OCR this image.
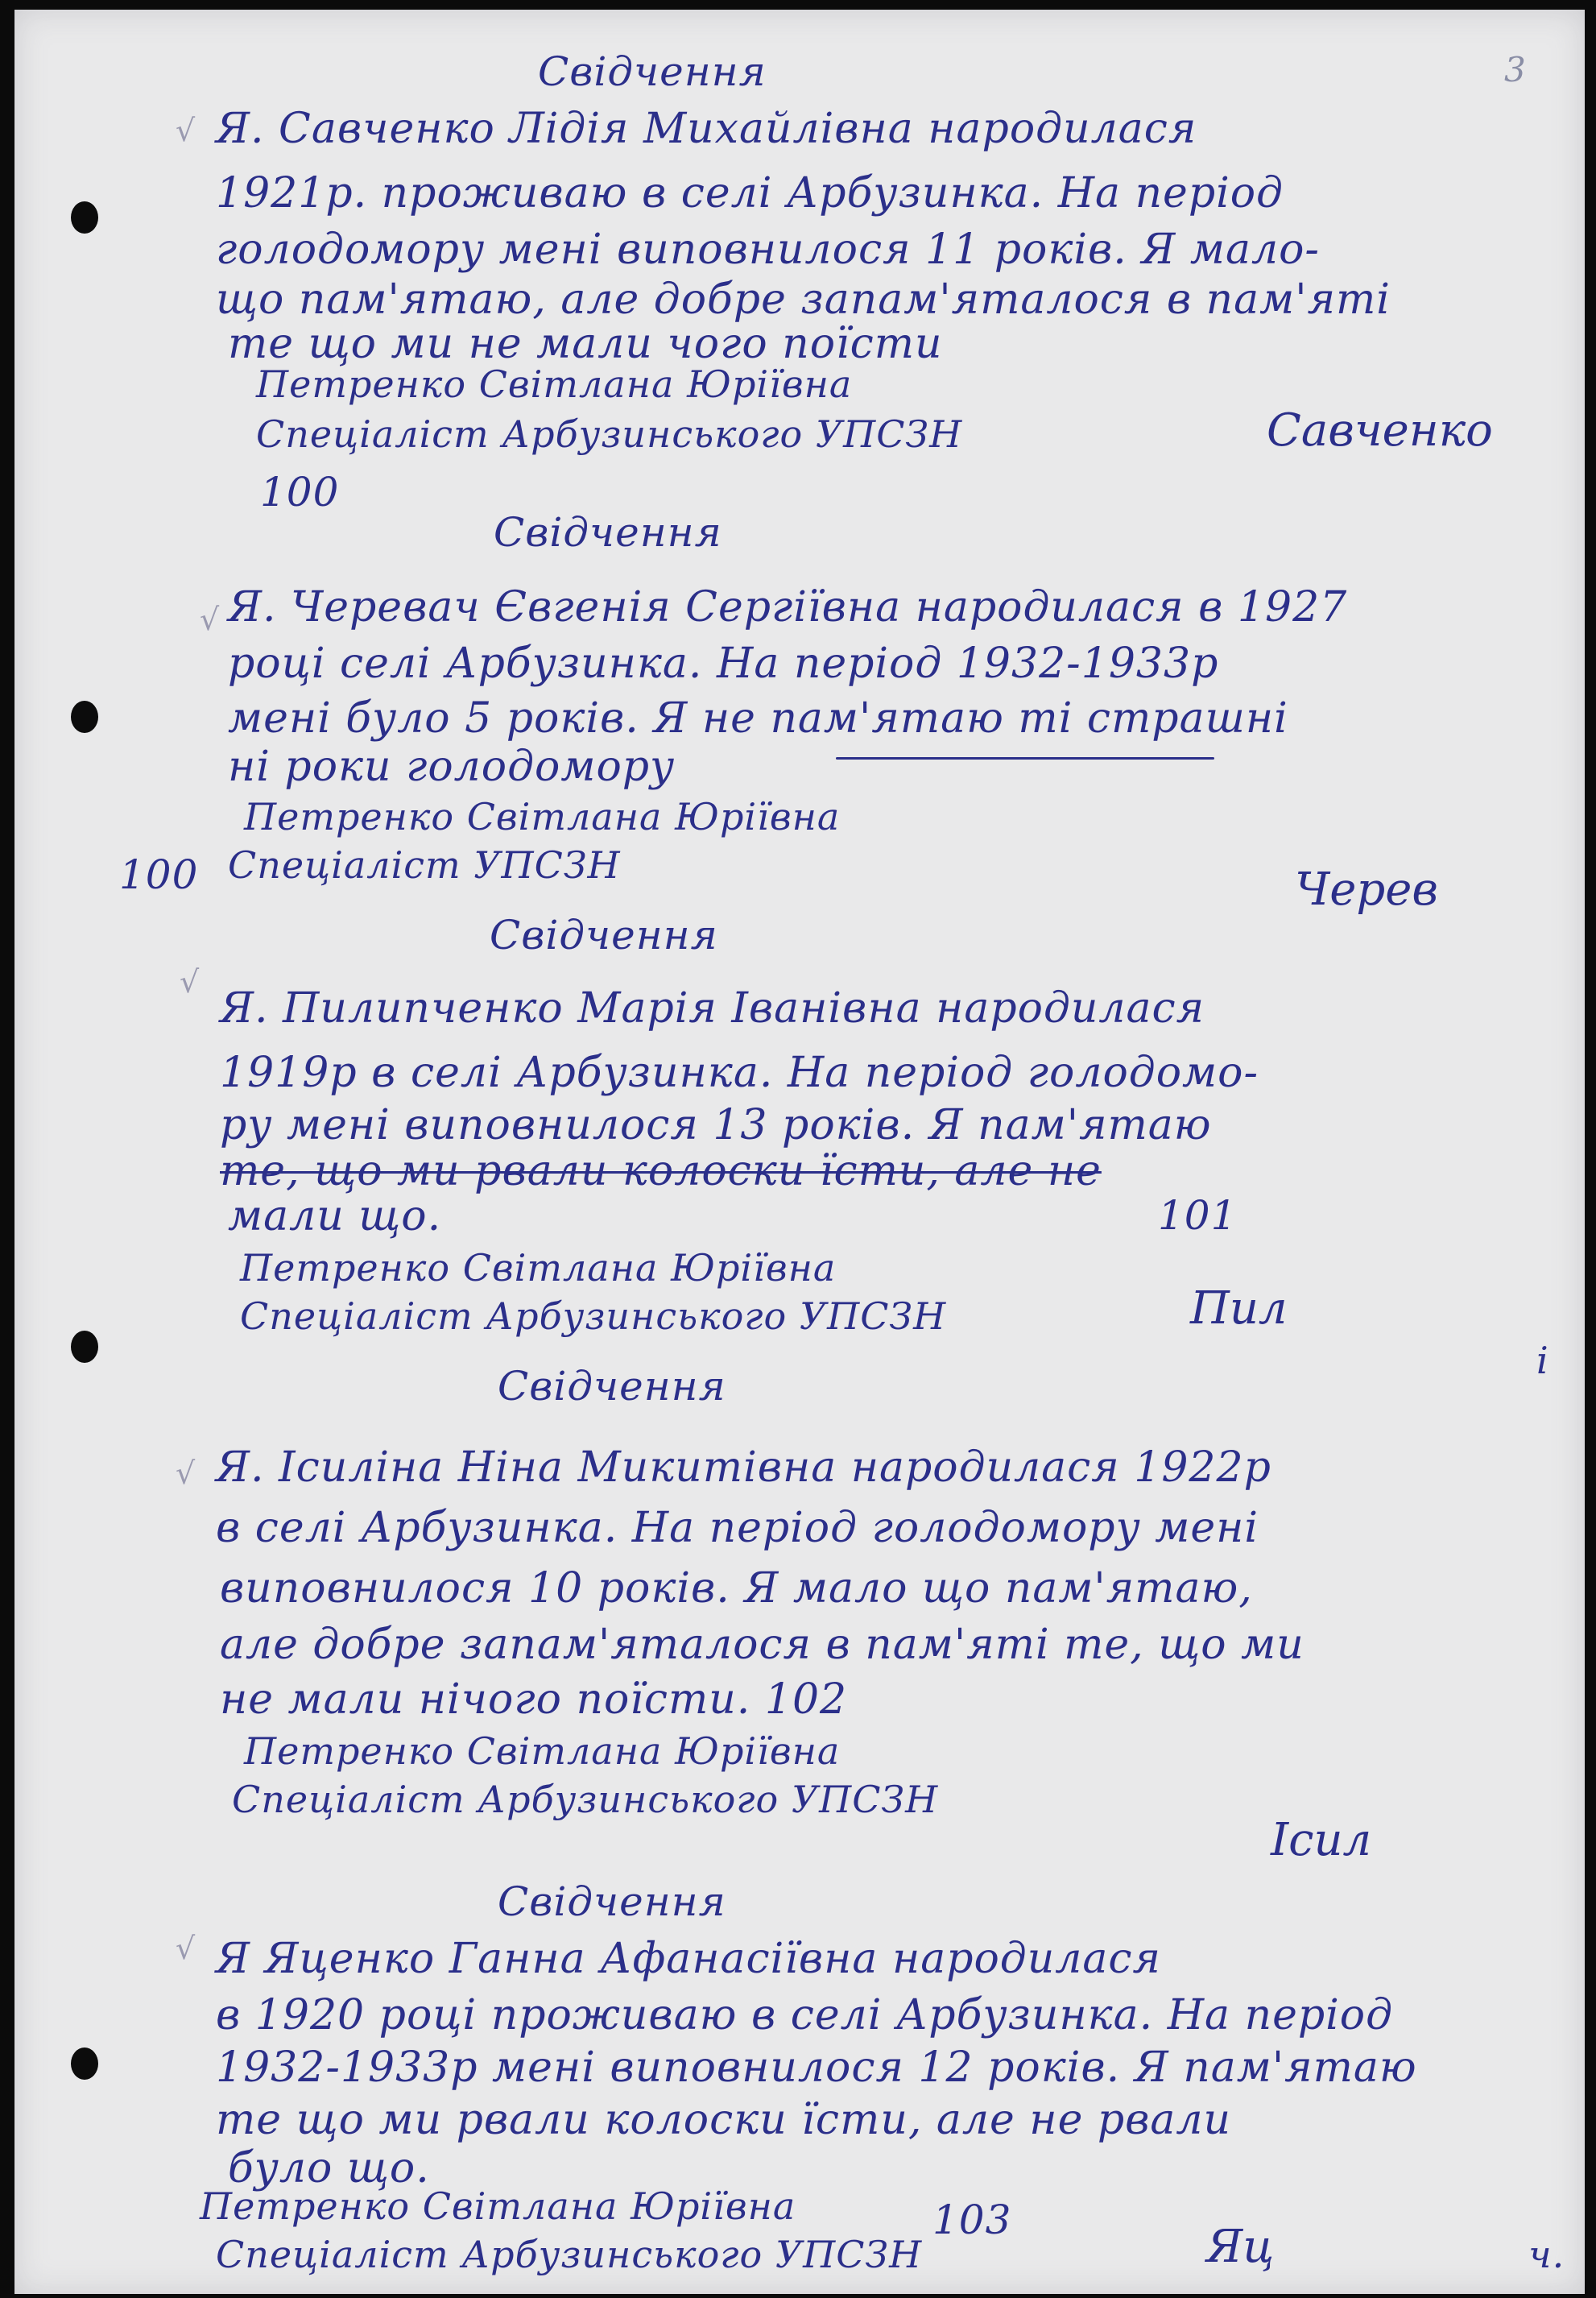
3
Свідчення
√ Я. Савченко Лідія Михайлівна народилася
1921р. проживаю в селі Арбузинка. На період
голодомору мені виповнилося 11 років. Я мало-
що пам'ятаю, але добре запам'яталося в пам'яті
те що ми не мали чого поїсти
Петренко Світлана Юріївна
Спеціаліст Арбузинського УПСЗН
100
Савченко
Свідчення
√ Я. Черевач Євгенія Сергіївна народилася в 1927
році селі Арбузинка. На період 1932-1933р
мені було 5 років. Я не пам'ятаю ті страшні
ні роки голодомору
Петренко Світлана Юріївна
100 Спеціаліст УПСЗН	Черев
Свідчення
√
Я. Пилипченко Марія Іванівна народилася
1919р в селі Арбузинка. На період голодомо-
ру мені виповнилося 13 років. Я пам'ятаю
те, що ми рвали колоски їсти, але не
мали що.	101
Петренко Світлана Юріївна
Спеціаліст Арбузинського УПСЗН	Пил
і
Свідчення
√ Я. Ісиліна Ніна Микитівна народилася 1922р
в селі Арбузинка. На період голодомору мені
виповнилося 10 років. Я мало що пам'ятаю,
але добре запам'яталося в пам'яті те, що ми
не мали нічого поїсти. 102
Петренко Світлана Юріївна
Спеціаліст Арбузинського УПСЗН
Ісил
Свідчення
√ Я Яценко Ганна Афанасіївна народилася
в 1920 році проживаю в селі Арбузинка. На період
1932-1933р мені виповнилося 12 років. Я пам'ятаю
те що ми рвали колоски їсти, але не рвали
було що.
Петренко Світлана Юріївна	103
Спеціаліст Арбузинського УПСЗН	Яц	ч.
